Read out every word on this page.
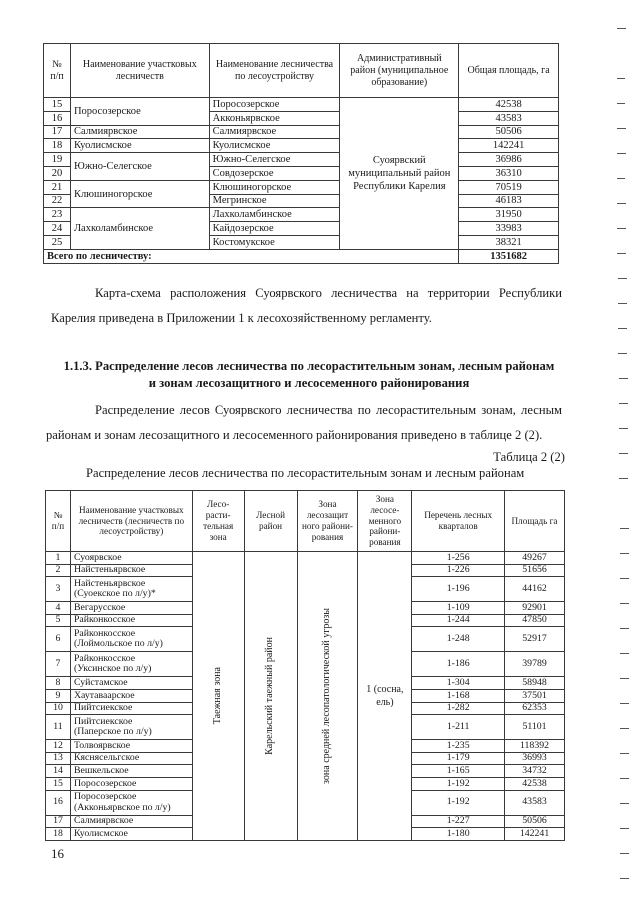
№ п/п	Наименование участковых лесничеств	Наименование лесничества по лесоустройству	Административный район (муниципальное образование)	Общая площадь, га
15	Поросозерское	Поросозерское	Суоярвский муниципальный район Республики Карелия	42538
16		Акконьярвское		43583
17	Салмиярвское	Салмиярвское		50506
18	Куолисмское	Куолисмское		142241
19	Южно-Селегское	Южно-Селегское		36986
20		Совдозерское		36310
21	Клюшиногорское	Клюшиногорское		70519
22		Мегринское		46183
23	Лахколамбинское	Лахколамбинское		31950
24		Кайдозерское		33983
25		Костомукское		38321
Всего по лесничеству:				1351682
Карта-схема расположения Суоярвского лесничества на территории Республики
Карелия приведена в Приложении 1 к лесохозяйственному регламенту.
1.1.3. Распределение лесов лесничества по лесорастительным зонам, лесным районам
и зонам лесозащитного и лесосеменного районирования
Распределение лесов Суоярвского лесничества по лесорастительным зонам, лесным
районам и зонам лесозащитного и лесосеменного районирования приведено в таблице 2 (2).
Таблица 2 (2)
Распределение лесов лесничества по лесорастительным зонам и лесным районам
№ п/п	Наименование участковых лесничеств (лесничеств по лесоустройству)	Лесо-расти-тельная зона	Лесной район	Зона лесозащит ного райони-рования	Зона лесосе-менного райони-рования	Перечень лесных кварталов	Площадь га
1	Суоярвское	Таежная зона	Карельский таежный район	зона средней лесопатологической угрозы	1 (сосна, ель)	1-256	49267
2	Найстеньярвское					1-226	51656
3	Найстеньярвское
(Суоекское по л/у)*					1-196	44162
4	Вегарусское					1-109	92901
5	Райконкосское					1-244	47850
6	Райконкосское
(Лоймольское по л/у)					1-248	52917
7	Райконкосское
(Уксинское по л/у)					1-186	39789
8	Суйстамское					1-304	58948
9	Хаутаваарское					1-168	37501
10	Пийтсиекское					1-282	62353
11	Пийтсиекское
(Паперское по л/у)					1-211	51101
12	Толвоярвское					1-235	118392
13	Кяснясельгское					1-179	36993
14	Вешкельское					1-165	34732
15	Поросозерское					1-192	42538
16	Поросозерское
(Акконьярвское по л/у)					1-192	43583
17	Салмиярвское					1-227	50506
18	Куолисмское					1-180	142241
16
